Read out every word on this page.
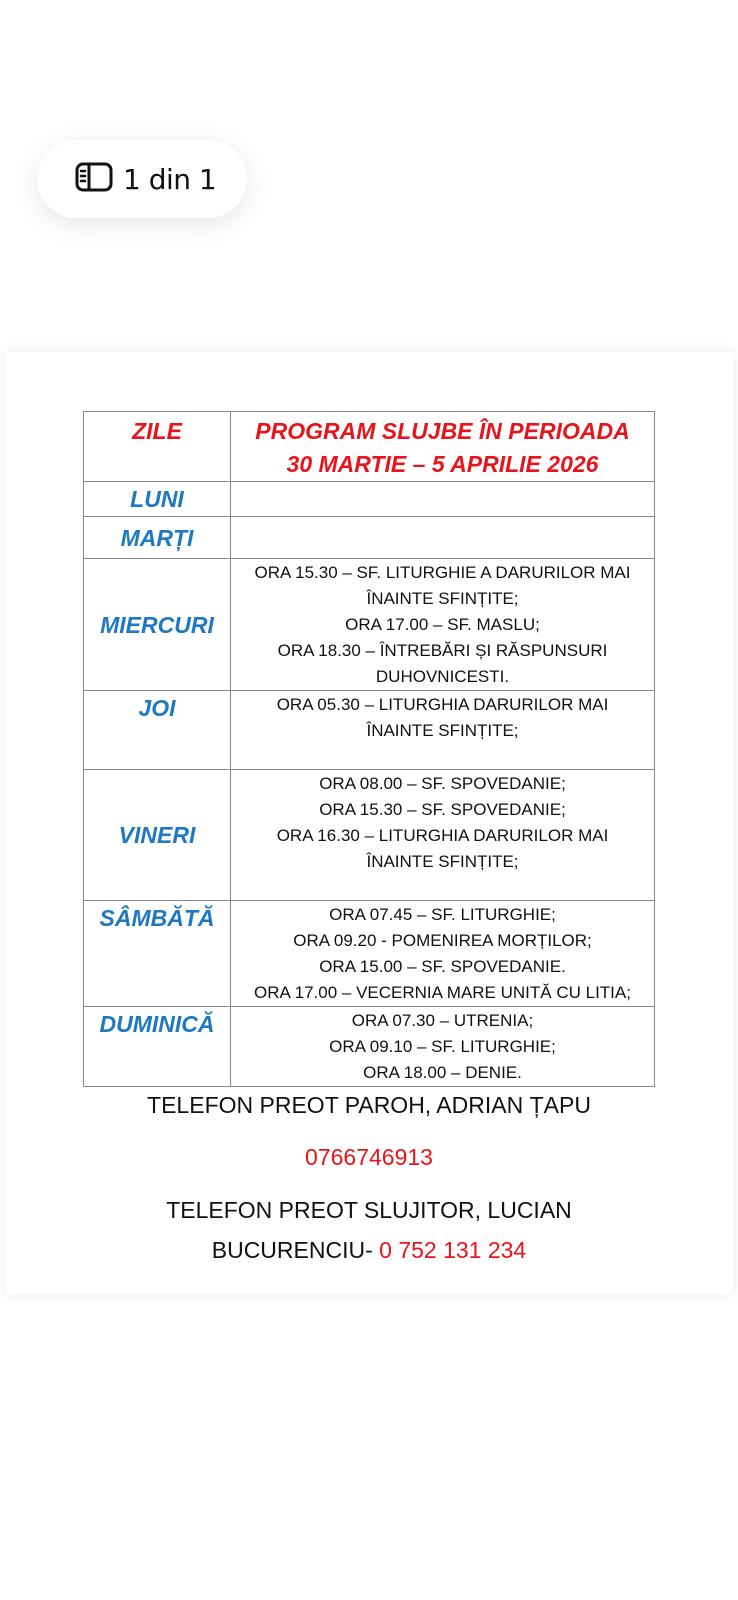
1 din 1
ZILE	PROGRAM SLUJBE ÎN PERIOADA
30 MARTIE – 5 APRILIE 2026

LUNI	
MARȚI	
MIERCURI	ORA 15.30 – SF. LITURGHIE A DARURILOR MAI
ÎNAINTE SFINȚITE;
ORA 17.00 – SF. MASLU;
ORA 18.30 – ÎNTREBĂRI ȘI RĂSPUNSURI
DUHOVNICESTI.

JOI	ORA 05.30 – LITURGHIA DARURILOR MAI
ÎNAINTE SFINȚITE;

VINERI	ORA 08.00 – SF. SPOVEDANIE;
ORA 15.30 – SF. SPOVEDANIE;
ORA 16.30 – LITURGHIA DARURILOR MAI
ÎNAINTE SFINȚITE;

SÂMBĂTĂ	ORA 07.45 – SF. LITURGHIE;
ORA 09.20 - POMENIREA MORȚILOR;
ORA 15.00 – SF. SPOVEDANIE.
ORA 17.00 – VECERNIA MARE UNITĂ CU LITIA;

DUMINICĂ	ORA 07.30 – UTRENIA;
ORA 09.10 – SF. LITURGHIE;
ORA 18.00 – DENIE.
TELEFON PREOT PAROH, ADRIAN ȚAPU
0766746913
TELEFON PREOT SLUJITOR, LUCIAN
BUCURENCIU- 0 752 131 234
